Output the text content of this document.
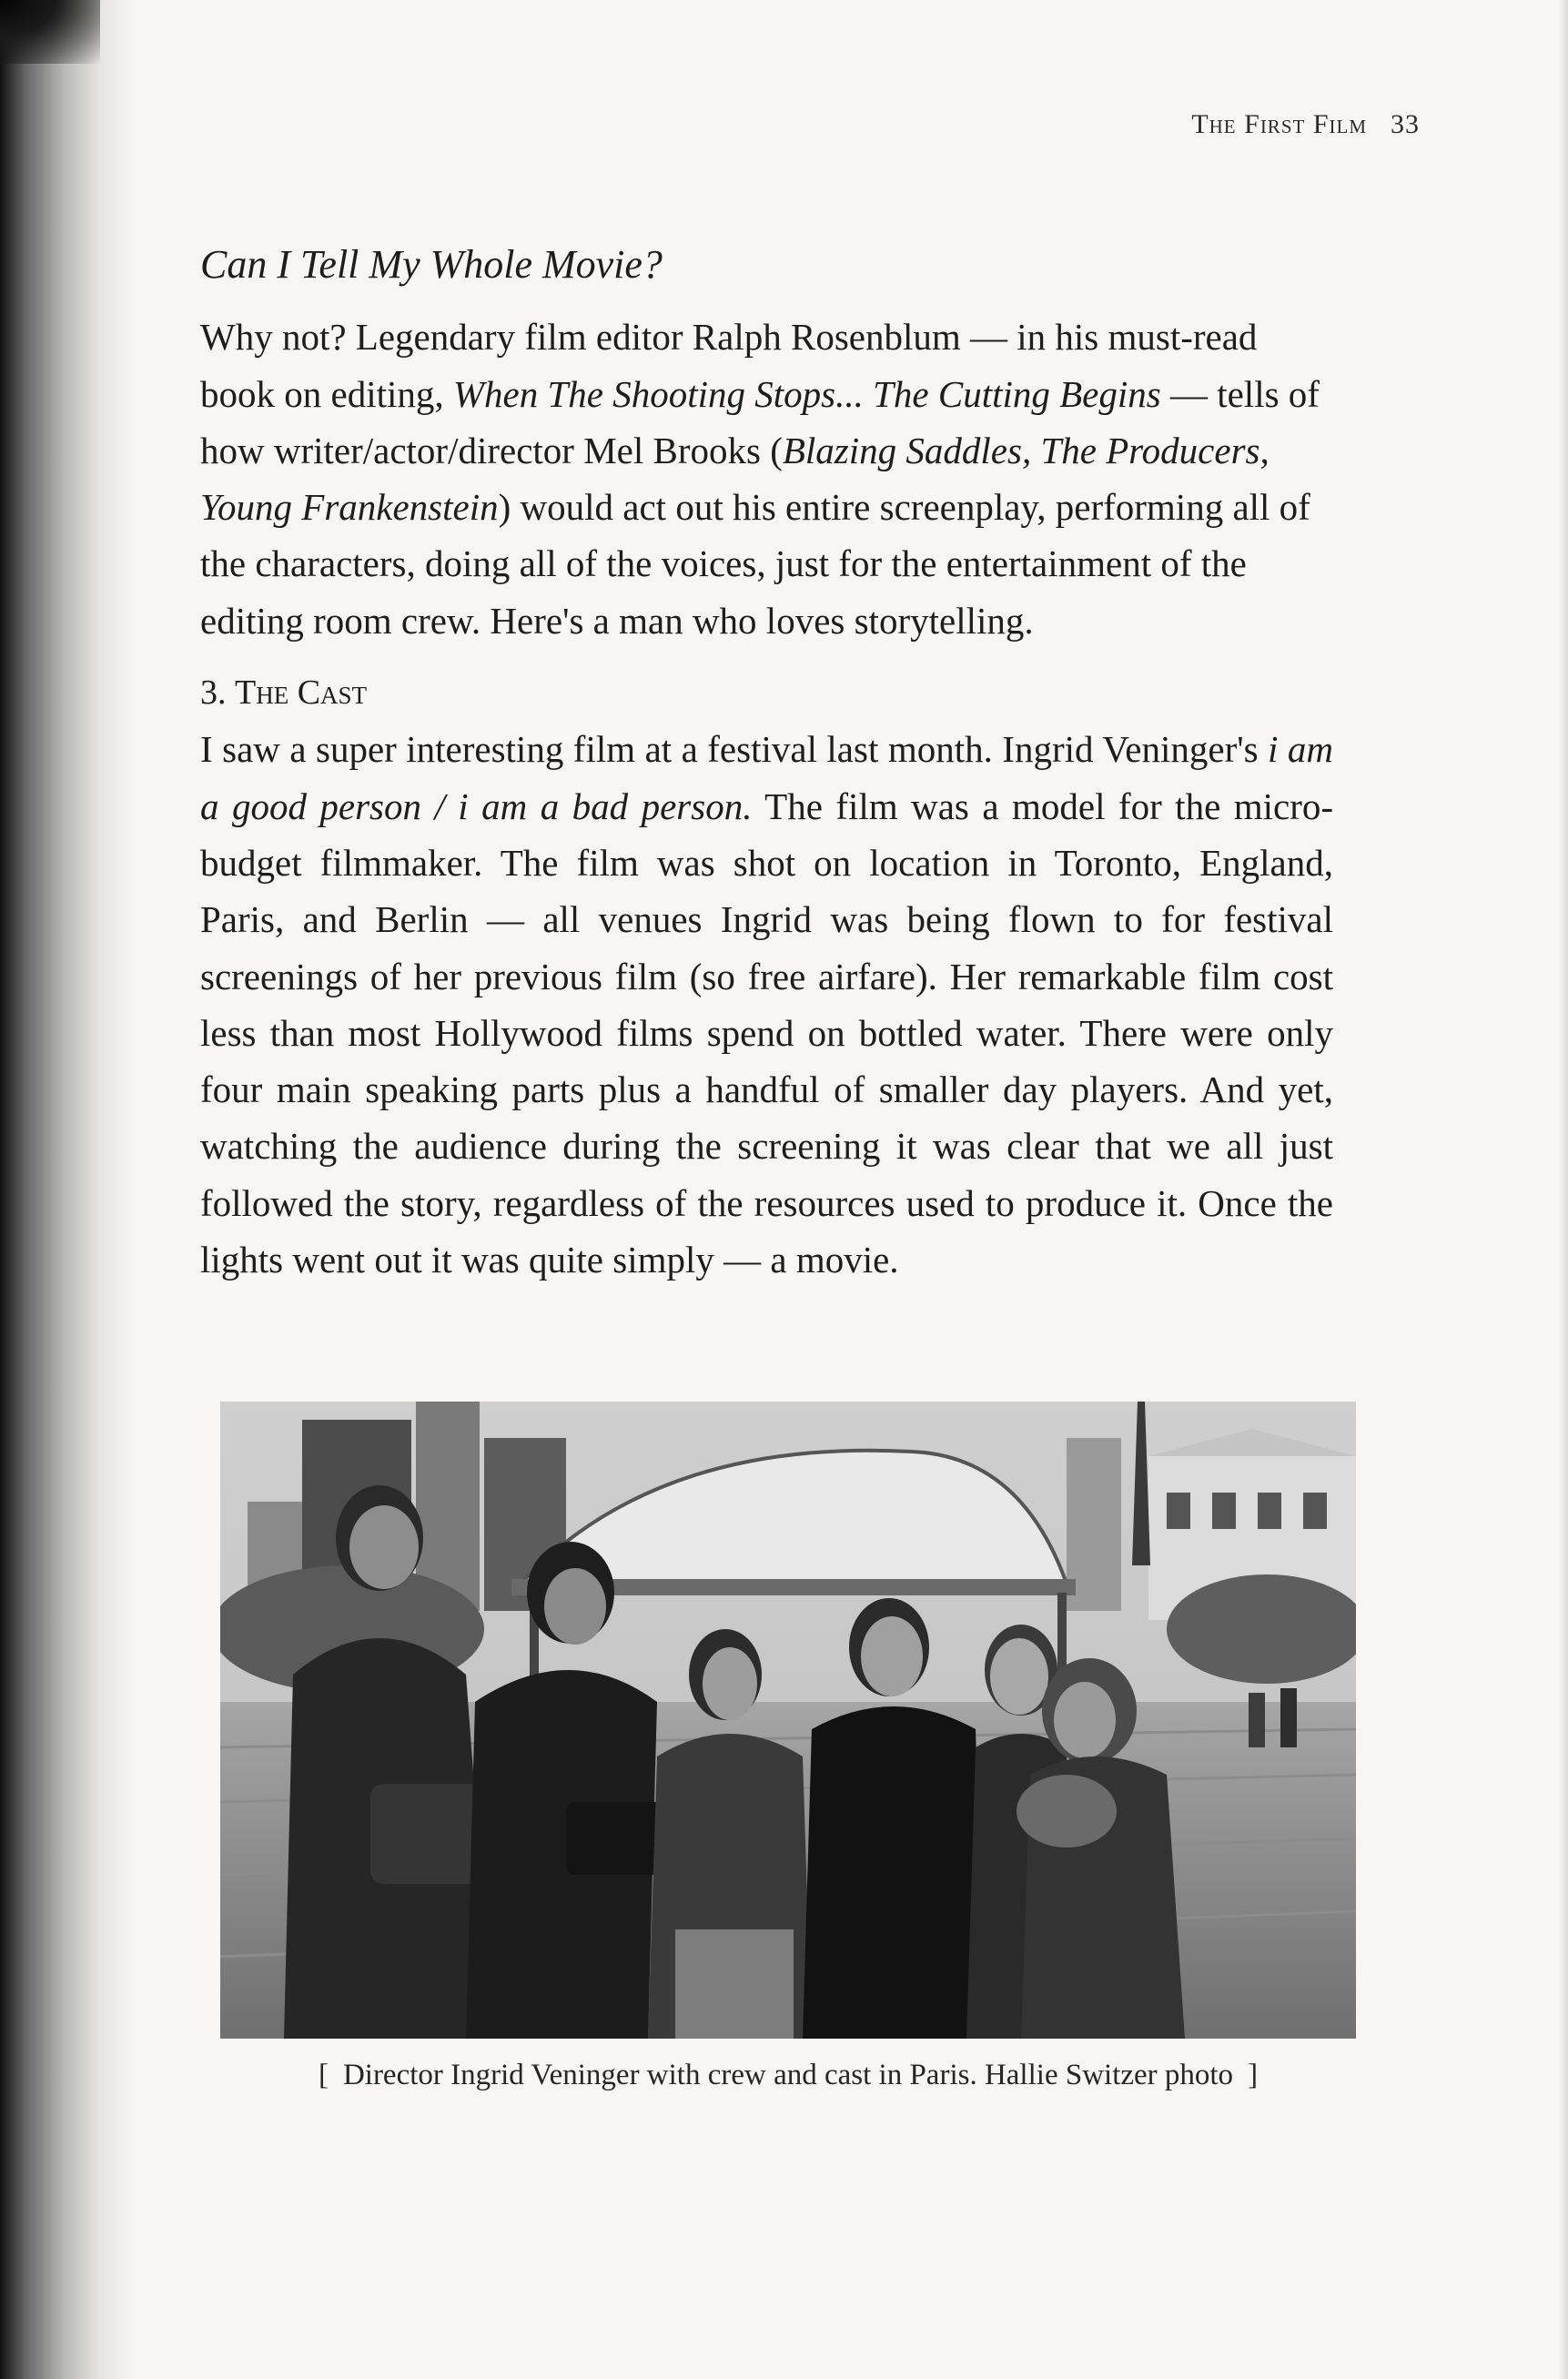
The First Film 33
Can I Tell My Whole Movie?

Why not? Legendary film editor Ralph Rosenblum — in his must-read book on editing, When The Shooting Stops... The Cutting Begins — tells of how writer/actor/director Mel Brooks (Blazing Saddles, The Producers, Young Frankenstein) would act out his entire screenplay, performing all of the characters, doing all of the voices, just for the entertainment of the editing room crew. Here's a man who loves storytelling.

3. The Cast

I saw a super interesting film at a festival last month. Ingrid Veninger's i am a good person / i am a bad person. The film was a model for the micro-budget filmmaker. The film was shot on location in Toronto, England, Paris, and Berlin — all venues Ingrid was being flown to for festival screenings of her previous film (so free airfare). Her remarkable film cost less than most Hollywood films spend on bottled water. There were only four main speaking parts plus a handful of smaller day players. And yet, watching the audience during the screening it was clear that we all just followed the story, regardless of the resources used to produce it. Once the lights went out it was quite simply — a movie.

[ Director Ingrid Veninger with crew and cast in Paris. Hallie Switzer photo ]
